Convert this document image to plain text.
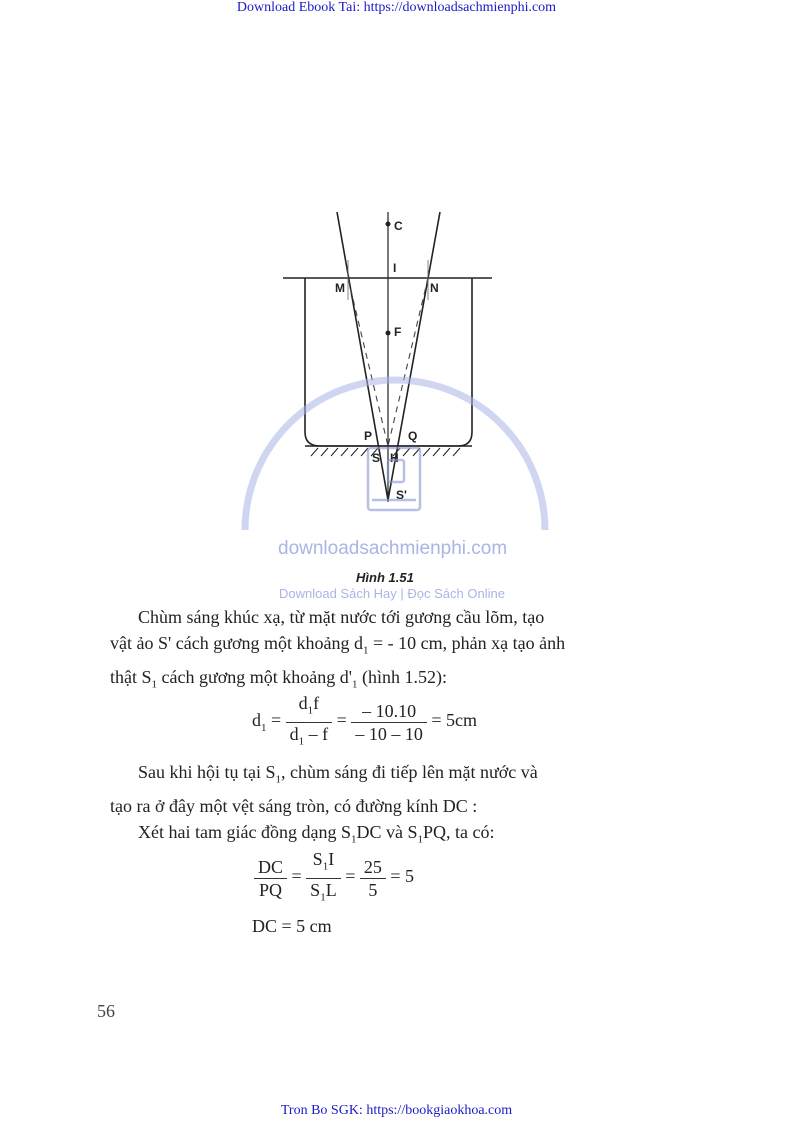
Download Ebook Tai: https://downloadsachmienphi.com
C
I
M	N
F
P	Q
S H
S'
downloadsachmienphi.com
Hình 1.51
Download Sách Hay | Đọc Sách Online
Chùm sáng khúc xạ, từ mặt nước tới gương cầu lõm, tạo
vật ảo S' cách gương một khoảng $d_1$ = - 10 cm, phản xạ tạo ảnh
thật $S_1$ cách gương một khoảng $d'_1$ (hình 1.52):
$d_1 = \frac{d_1f}{d_1 - f} = \frac{- 10.10}{- 10 - 10} = 5cm$
Sau khi hội tụ tại $S_1$, chùm sáng đi tiếp lên mặt nước và
tạo ra ở đây một vệt sáng tròn, có đường kính DC :
Xét hai tam giác đồng dạng $S_1DC$ và $S_1PQ$, ta có:
$\frac{DC}{PQ} = \frac{S_1I}{S_1L} = \frac{25}{5} = 5$
DC = 5 cm
56
Tron Bo SGK: https://bookgiaokhoa.com
